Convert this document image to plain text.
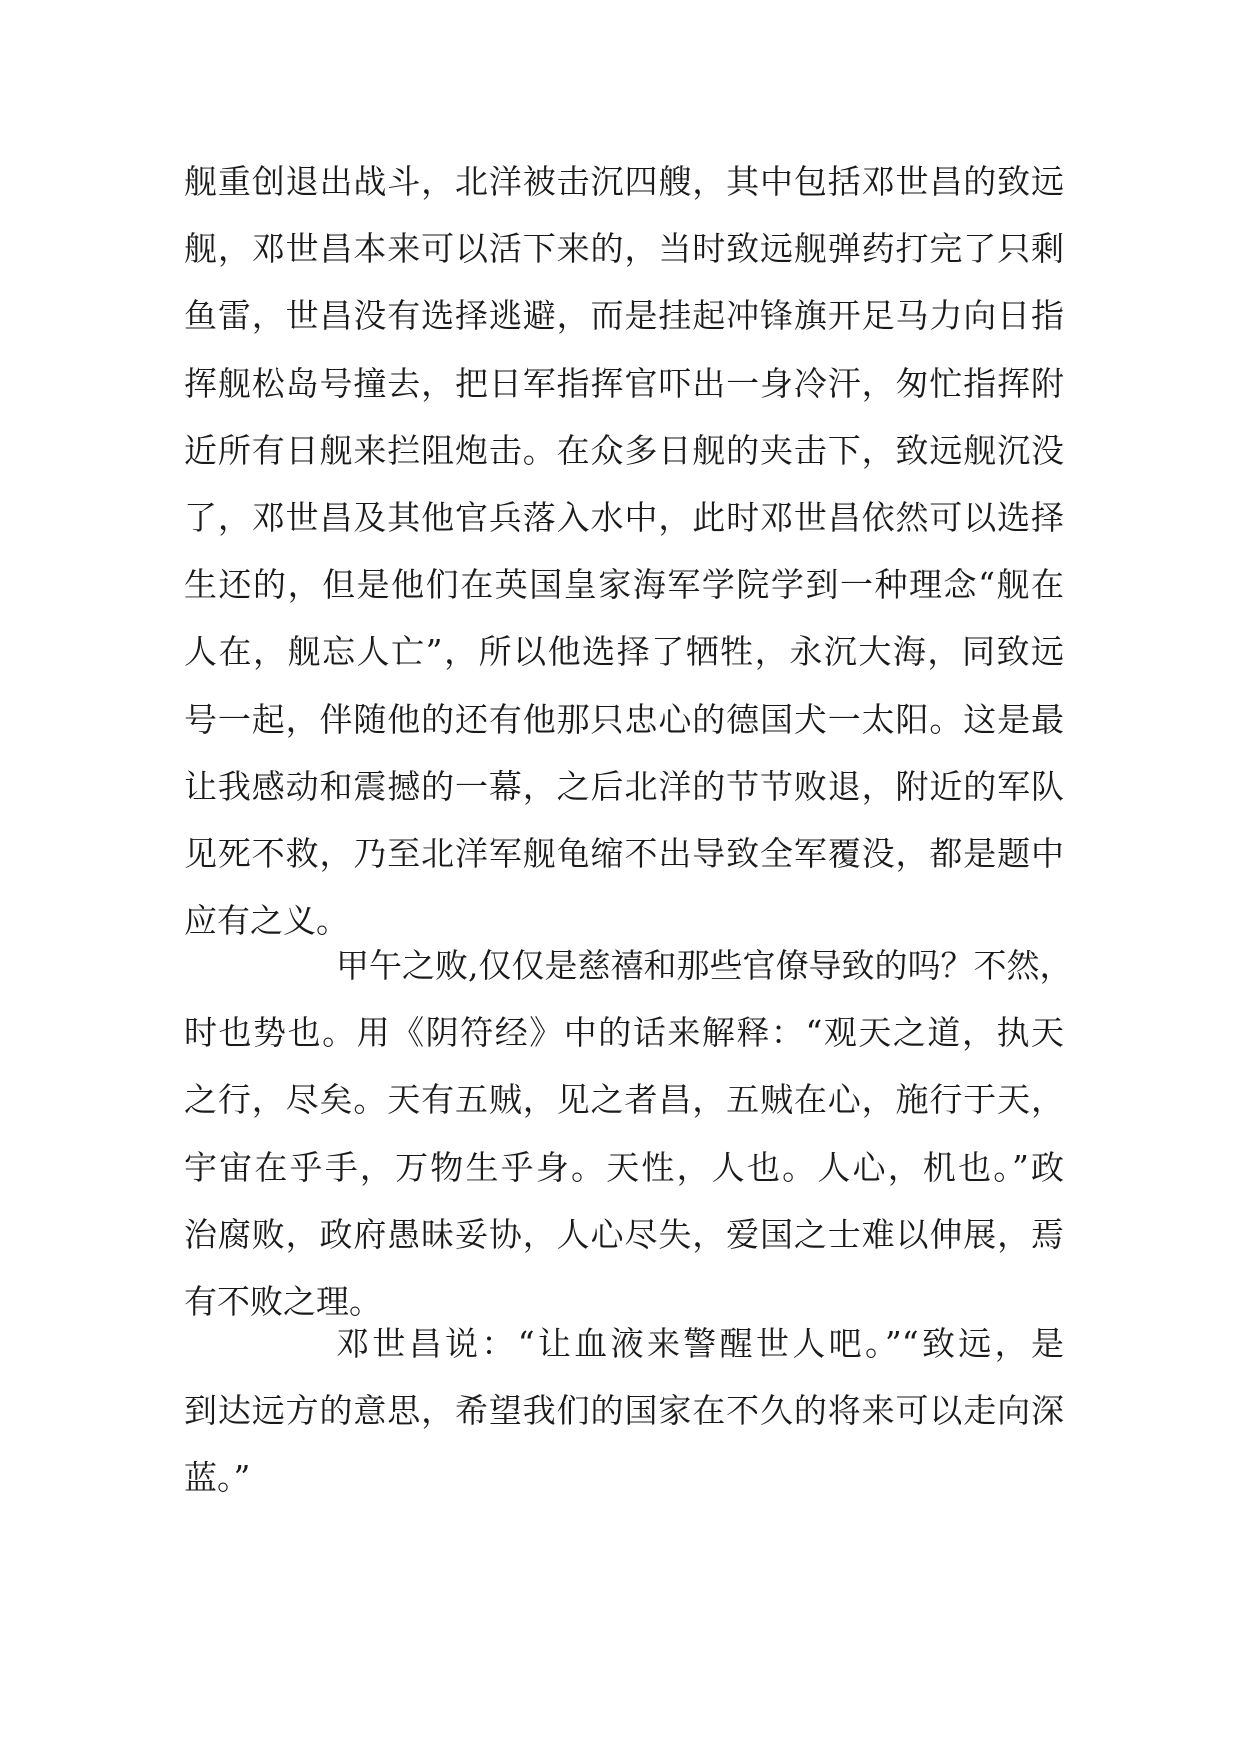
舰重创退出战斗，北洋被击沉四艘，其中包括邓世昌的致远
舰，邓世昌本来可以活下来的，当时致远舰弹药打完了只剩
鱼雷，世昌没有选择逃避，而是挂起冲锋旗开足马力向日指
挥舰松岛号撞去，把日军指挥官吓出一身冷汗，匆忙指挥附
近所有日舰来拦阻炮击。在众多日舰的夹击下，致远舰沉没
了，邓世昌及其他官兵落入水中，此时邓世昌依然可以选择
生还的，但是他们在英国皇家海军学院学到一种理念“舰在
人在，舰忘人亡”，所以他选择了牺牲，永沉大海，同致远
号一起，伴随他的还有他那只忠心的德国犬一太阳。这是最
让我感动和震撼的一幕，之后北洋的节节败退，附近的军队
见死不救，乃至北洋军舰龟缩不出导致全军覆没，都是题中
应有之义。
甲午之败,仅仅是慈禧和那些官僚导致的吗？不然，
时也势也。用《阴符经》中的话来解释：“观天之道，执天
之行，尽矣。天有五贼，见之者昌，五贼在心，施行于天，
宇宙在乎手，万物生乎身。天性，人也。人心，机也。”政
治腐败，政府愚昧妥协，人心尽失，爱国之士难以伸展，焉
有不败之理。
邓世昌说：“让血液来警醒世人吧。”“致远，是
到达远方的意思，希望我们的国家在不久的将来可以走向深
蓝。”
